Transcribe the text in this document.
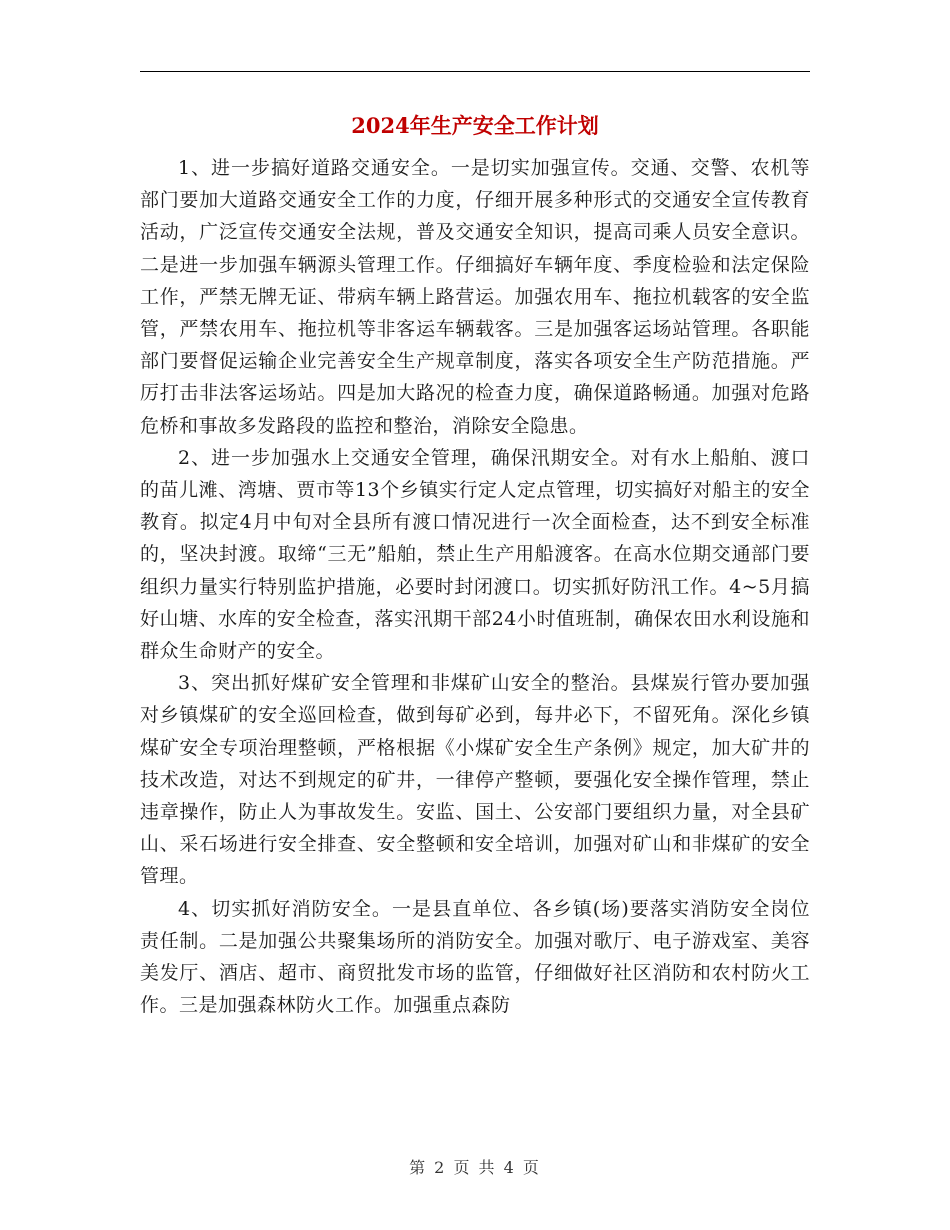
2024年生产安全工作计划

1、进一步搞好道路交通安全。一是切实加强宣传。交通、交警、农机等部门要加大道路交通安全工作的力度，仔细开展多种形式的交通安全宣传教育活动，广泛宣传交通安全法规，普及交通安全知识，提高司乘人员安全意识。二是进一步加强车辆源头管理工作。仔细搞好车辆年度、季度检验和法定保险工作，严禁无牌无证、带病车辆上路营运。加强农用车、拖拉机载客的安全监管，严禁农用车、拖拉机等非客运车辆载客。三是加强客运场站管理。各职能部门要督促运输企业完善安全生产规章制度，落实各项安全生产防范措施。严厉打击非法客运场站。四是加大路况的检查力度，确保道路畅通。加强对危路危桥和事故多发路段的监控和整治，消除安全隐患。

2、进一步加强水上交通安全管理，确保汛期安全。对有水上船舶、渡口的苗儿滩、湾塘、贾市等13个乡镇实行定人定点管理，切实搞好对船主的安全教育。拟定4月中旬对全县所有渡口情况进行一次全面检查，达不到安全标准的，坚决封渡。取缔“三无”船舶，禁止生产用船渡客。在高水位期交通部门要组织力量实行特别监护措施，必要时封闭渡口。切实抓好防汛工作。4~5月搞好山塘、水库的安全检查，落实汛期干部24小时值班制，确保农田水利设施和群众生命财产的安全。

3、突出抓好煤矿安全管理和非煤矿山安全的整治。县煤炭行管办要加强对乡镇煤矿的安全巡回检查，做到每矿必到，每井必下，不留死角。深化乡镇煤矿安全专项治理整顿，严格根据《小煤矿安全生产条例》规定，加大矿井的技术改造，对达不到规定的矿井，一律停产整顿，要强化安全操作管理，禁止违章操作，防止人为事故发生。安监、国土、公安部门要组织力量，对全县矿山、采石场进行安全排查、安全整顿和安全培训，加强对矿山和非煤矿的安全管理。

4、切实抓好消防安全。一是县直单位、各乡镇(场)要落实消防安全岗位责任制。二是加强公共聚集场所的消防安全。加强对歌厅、电子游戏室、美容美发厅、酒店、超市、商贸批发市场的监管，仔细做好社区消防和农村防火工作。三是加强森林防火工作。加强重点森防

第 2 页 共 4 页
